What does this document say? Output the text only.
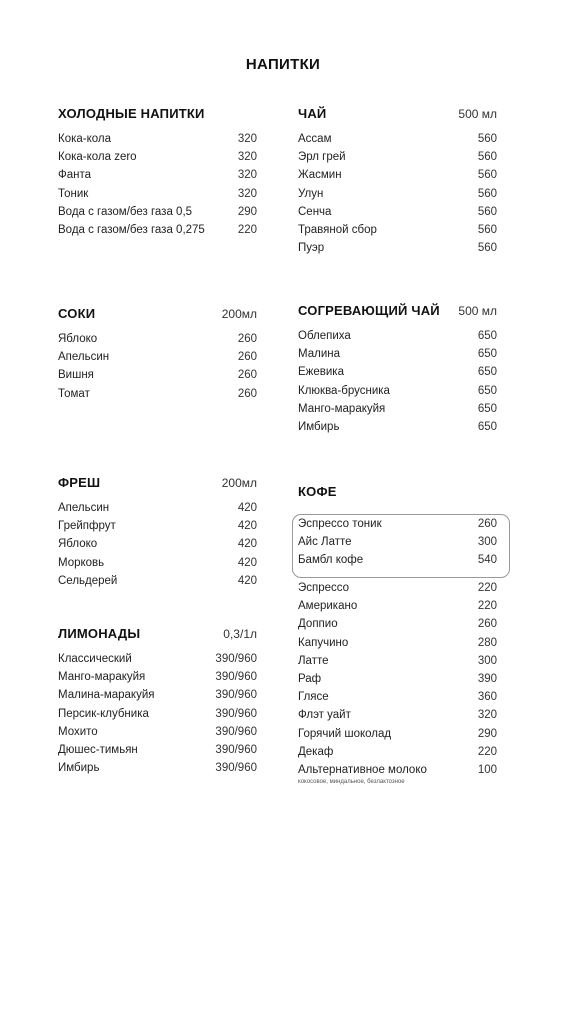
НАПИТКИ
ХОЛОДНЫЕ НАПИТКИ
Кока-кола	320
Кока-кола zero	320
Фанта	320
Тоник	320
Вода с газом/без газа 0,5	290
Вода с газом/без газа 0,275	220
СОКИ	200мл
Яблоко	260
Апельсин	260
Вишня	260
Томат	260
ФРЕШ	200мл
Апельсин	420
Грейпфрут	420
Яблоко	420
Морковь	420
Сельдерей	420
ЛИМОНАДЫ	0,3/1л
Классический	390/960
Манго-маракуйя	390/960
Малина-маракуйя	390/960
Персик-клубника	390/960
Мохито	390/960
Дюшес-тимьян	390/960
Имбирь	390/960
ЧАЙ	500 мл
Ассам	560
Эрл грей	560
Жасмин	560
Улун	560
Сенча	560
Травяной сбор	560
Пуэр	560
СОГРЕВАЮЩИЙ ЧАЙ 500 мл
Облепиха	650
Малина	650
Ежевика	650
Клюква-брусника	650
Манго-маракуйя	650
Имбирь	650
КОФЕ
Эспрессо тоник	260
Айс Латте	300
Бамбл кофе	540
Эспрессо	220
Американо	220
Доппио	260
Капучино	280
Латте	300
Раф	390
Глясе	360
Флэт уайт	320
Горячий шоколад	290
Декаф	220
Альтернативное молоко	100
кокосовое, миндальное, безлактозное
